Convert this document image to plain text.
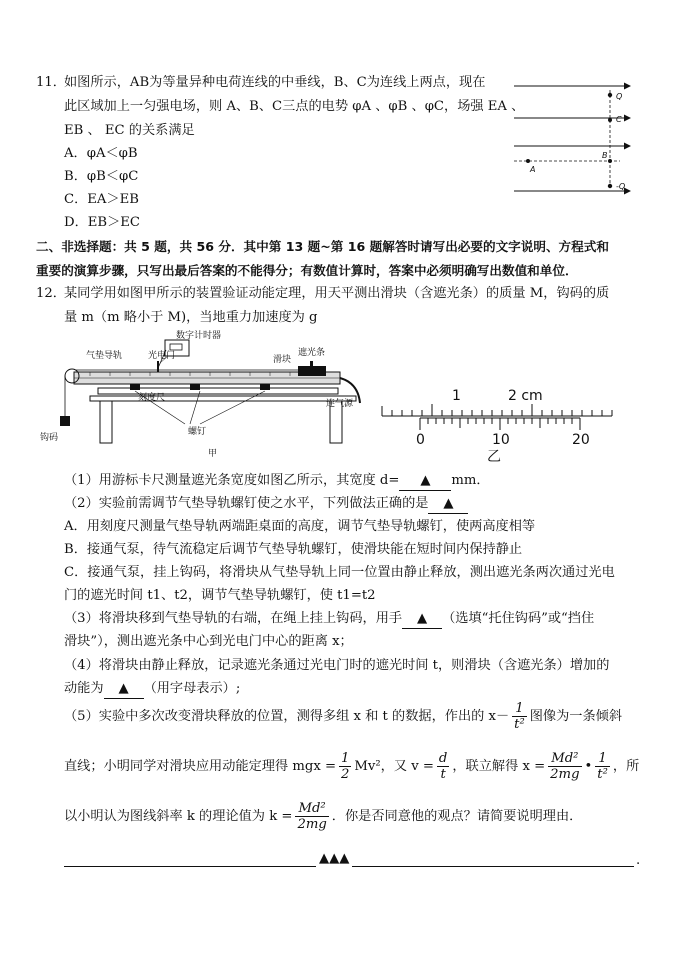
11．
如图所示，AB为等量异种电荷连线的中垂线，B、C为连线上两点，现在
此区域加上一匀强电场，则 A、B、C三点的电势 φA 、φB 、φC，场强 EA 、
EB 、 EC 的关系满足
A．φA＜φB
B．φB＜φC
C．EA＞EB
D．EB＞EC
Q
C
A
B
-Q
二、非选择题：共 5 题，共 56 分．其中第 13 题~第 16 题解答时请写出必要的文字说明、方程式和
重要的演算步骤，只写出最后答案的不能得分；有数值计算时，答案中必须明确写出数值和单位．
12．
某同学用如图甲所示的装置验证动能定理，用天平测出滑块（含遮光条）的质量 M，钩码的质
量 m（m 略小于 M)，当地重力加速度为 g
数字计时器
光电门
气垫导轨	滑块
遮光条
刻度尺
连气源
螺钉
钩码
甲
1	2 cm
0	10	20
乙
（1）用游标卡尺测量遮光条宽度如图乙所示，其宽度 d= ▲ mm．
（2）实验前需调节气垫导轨螺钉使之水平，下列做法正确的是 ▲
A．用刻度尺测量气垫导轨两端距桌面的高度，调节气垫导轨螺钉，使两高度相等
B．接通气泵，待气流稳定后调节气垫导轨螺钉，使滑块能在短时间内保持静止
C．接通气泵，挂上钩码，将滑块从气垫导轨上同一位置由静止释放，测出遮光条两次通过光电
门的遮光时间 t1、t2，调节气垫导轨螺钉，使 t1=t2
（3）将滑块移到气垫导轨的右端，在绳上挂上钩码，用手 ▲ （选填“托住钩码”或“挡住
滑块”），测出遮光条中心到光电门中心的距离 x；
（4）将滑块由静止释放，记录遮光条通过光电门时的遮光时间 t，则滑块（含遮光条）增加的
动能为 ▲ （用字母表示）;
（5）实验中多次改变滑块释放的位置，测得多组 x 和 t 的数据，作出的 $x- \frac{1}{\text{t²}}$ 图像为一条倾斜
直线；小明同学对滑块应用动能定理得 mgx = $\frac{1}{2} Mv^2$，又 $v = \frac{d}{t}$ ，联立解得 $x = \frac{\text{Md²}}{2mg}$ • $\frac{1}{\text{t²}}$ ，所
以小明认为图线斜率 k 的理论值为 $k = \frac{\text{Md²}}{2mg}$ ．你是否同意他的观点？请简要说明理由．
▲▲▲	.
